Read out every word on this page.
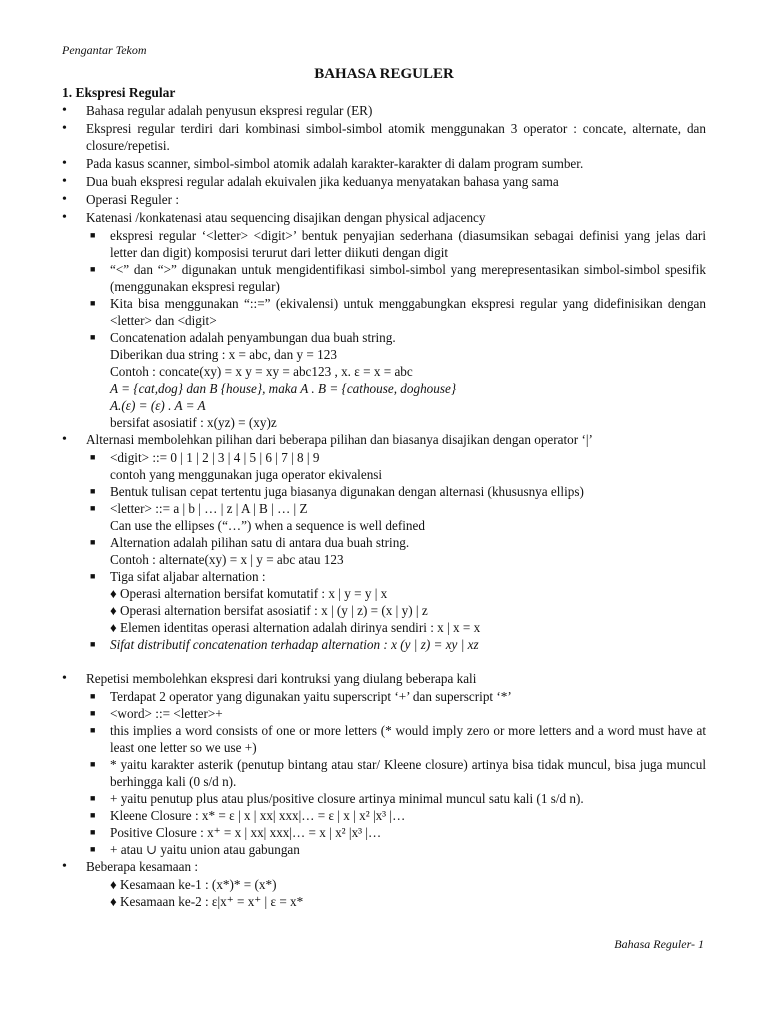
Pengantar Tekom
BAHASA REGULER
1. Ekspresi Regular
• Bahasa regular adalah penyusun ekspresi regular (ER)
• Ekspresi regular terdiri dari kombinasi simbol-simbol atomik menggunakan 3 operator : concate, alternate, dan closure/repetisi.
• Pada kasus scanner, simbol-simbol atomik adalah karakter-karakter di dalam program sumber.
• Dua buah ekspresi regular adalah ekuivalen jika keduanya menyatakan bahasa yang sama
• Operasi Reguler :
• Katenasi /konkatenasi atau sequencing disajikan dengan physical adjacency
■ ekspresi regular ‘<letter> <digit>’ bentuk penyajian sederhana (diasumsikan sebagai definisi yang jelas dari letter dan digit) komposisi terurut dari letter diikuti dengan digit
■ “<” dan “>” digunakan untuk mengidentifikasi simbol-simbol yang merepresentasikan simbol-simbol spesifik (menggunakan ekspresi regular)
■ Kita bisa menggunakan “::=” (ekivalensi) untuk menggabungkan ekspresi regular yang didefinisikan dengan <letter> dan <digit>
■ Concatenation adalah penyambungan dua buah string.
Diberikan dua string : x = abc, dan y = 123
Contoh : concate(xy) = x y = xy = abc123 , x. ε = x = abc
A = {cat,dog} dan B {house}, maka A . B = {cathouse, doghouse}
A.(ε) = (ε) . A = A
bersifat asosiatif : x(yz) = (xy)z
• Alternasi membolehkan pilihan dari beberapa pilihan dan biasanya disajikan dengan operator ‘|’
■ <digit> ::= 0 | 1 | 2 | 3 | 4 | 5 | 6 | 7 | 8 | 9
contoh yang menggunakan juga operator ekivalensi
■ Bentuk tulisan cepat tertentu juga biasanya digunakan dengan alternasi (khususnya ellips)
■ <letter> ::= a | b | … | z | A | B | … | Z
Can use the ellipses (“…”) when a sequence is well defined
■ Alternation adalah pilihan satu di antara dua buah string.
Contoh : alternate(xy) = x | y = abc atau 123
■ Tiga sifat aljabar alternation :
♦ Operasi alternation bersifat komutatif : x | y = y | x
♦ Operasi alternation bersifat asosiatif : x | (y | z) = (x | y) | z
♦ Elemen identitas operasi alternation adalah dirinya sendiri : x | x = x
■ Sifat distributif concatenation terhadap alternation : x (y | z) = xy | xz
• Repetisi membolehkan ekspresi dari kontruksi yang diulang beberapa kali
■ Terdapat 2 operator yang digunakan yaitu superscript ‘+’ dan superscript ‘*’
■ <word> ::= <letter>+
■ this implies a word consists of one or more letters (* would imply zero or more letters and a word must have at least one letter so we use +)
■ * yaitu karakter asterik (penutup bintang atau star/ Kleene closure) artinya bisa tidak muncul, bisa juga muncul berhingga kali (0 s/d n).
■ + yaitu penutup plus atau plus/positive closure artinya minimal muncul satu kali (1 s/d n).
■ Kleene Closure : x* = ε | x | xx| xxx|… = ε | x | x² |x³ |…
■ Positive Closure : x⁺ = x | xx| xxx|… = x | x² |x³ |…
■ + atau ∪ yaitu union atau gabungan
• Beberapa kesamaan :
♦ Kesamaan ke-1 : (x*)* = (x*)
♦ Kesamaan ke-2 : ε|x⁺ = x⁺ | ε = x*
Bahasa Reguler- 1
